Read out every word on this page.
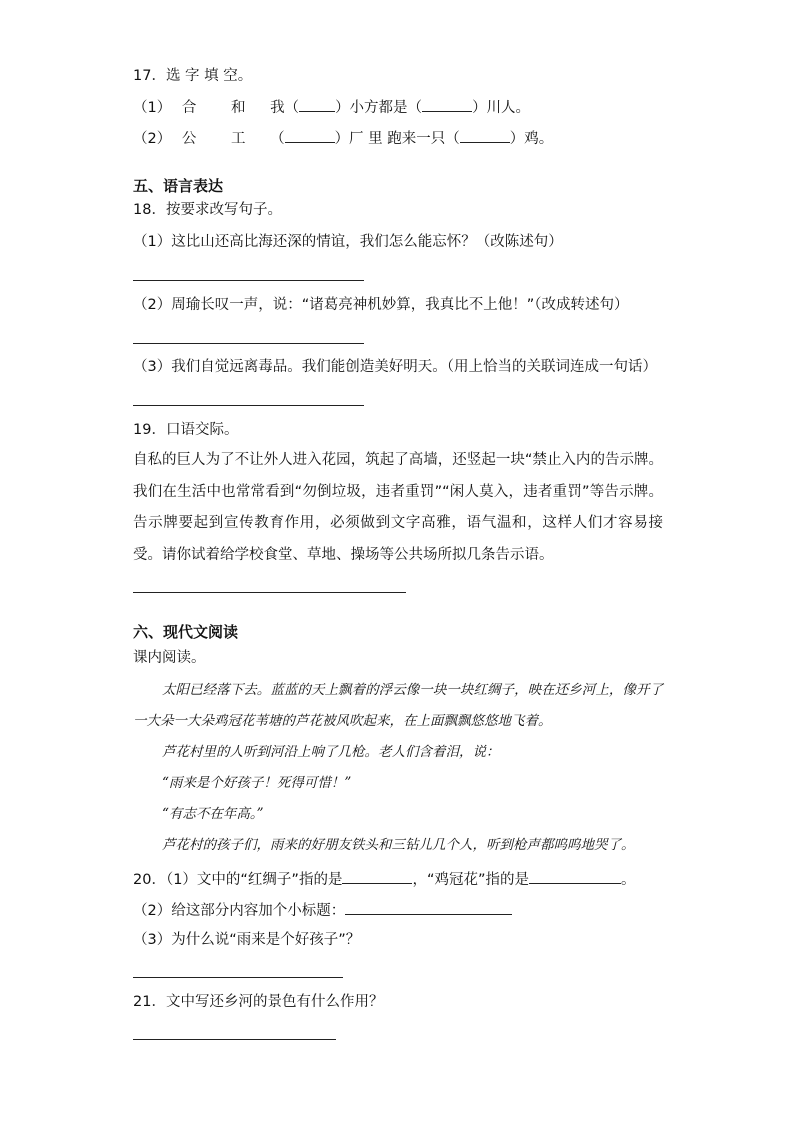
17．选 字 填 空。
（1） 合 和 我（ ）小方都是（	）川人。
（2） 公 工 （	）厂 里 跑来一只（	）鸡。
五、语言表达
18．按要求改写句子。
（1）这比山还高比海还深的情谊，我们怎么能忘怀？（改陈述句）
（2）周瑜长叹一声，说：“诸葛亮神机妙算，我真比不上他！”（改成转述句）
（3）我们自觉远离毒品。我们能创造美好明天。（用上恰当的关联词连成一句话）
19．口语交际。
自私的巨人为了不让外人进入花园，筑起了高墙，还竖起一块“禁止入内的告示牌。我们在生活中也常常看到“勿倒垃圾，违者重罚”“闲人莫入，违者重罚”等告示牌。告示牌要起到宣传教育作用，必须做到文字高雅，语气温和，这样人们才容易接受。请你试着给学校食堂、草地、操场等公共场所拟几条告示语。
六、现代文阅读
课内阅读。
太阳已经落下去。蓝蓝的天上飘着的浮云像一块一块红绸子，映在还乡河上，像开了一大朵一大朵鸡冠花苇塘的芦花被风吹起来，在上面飘飘悠悠地飞着。
芦花村里的人听到河沿上响了几枪。老人们含着泪，说：
“雨来是个好孩子！死得可惜！”
“有志不在年高。”
芦花村的孩子们，雨来的好朋友铁头和三钻儿几个人，听到枪声都呜呜地哭了。
20．（1）文中的“红绸子”指的是	，“鸡冠花”指的是	。
（2）给这部分内容加个小标题：
（3）为什么说“雨来是个好孩子”？
21．文中写还乡河的景色有什么作用？
